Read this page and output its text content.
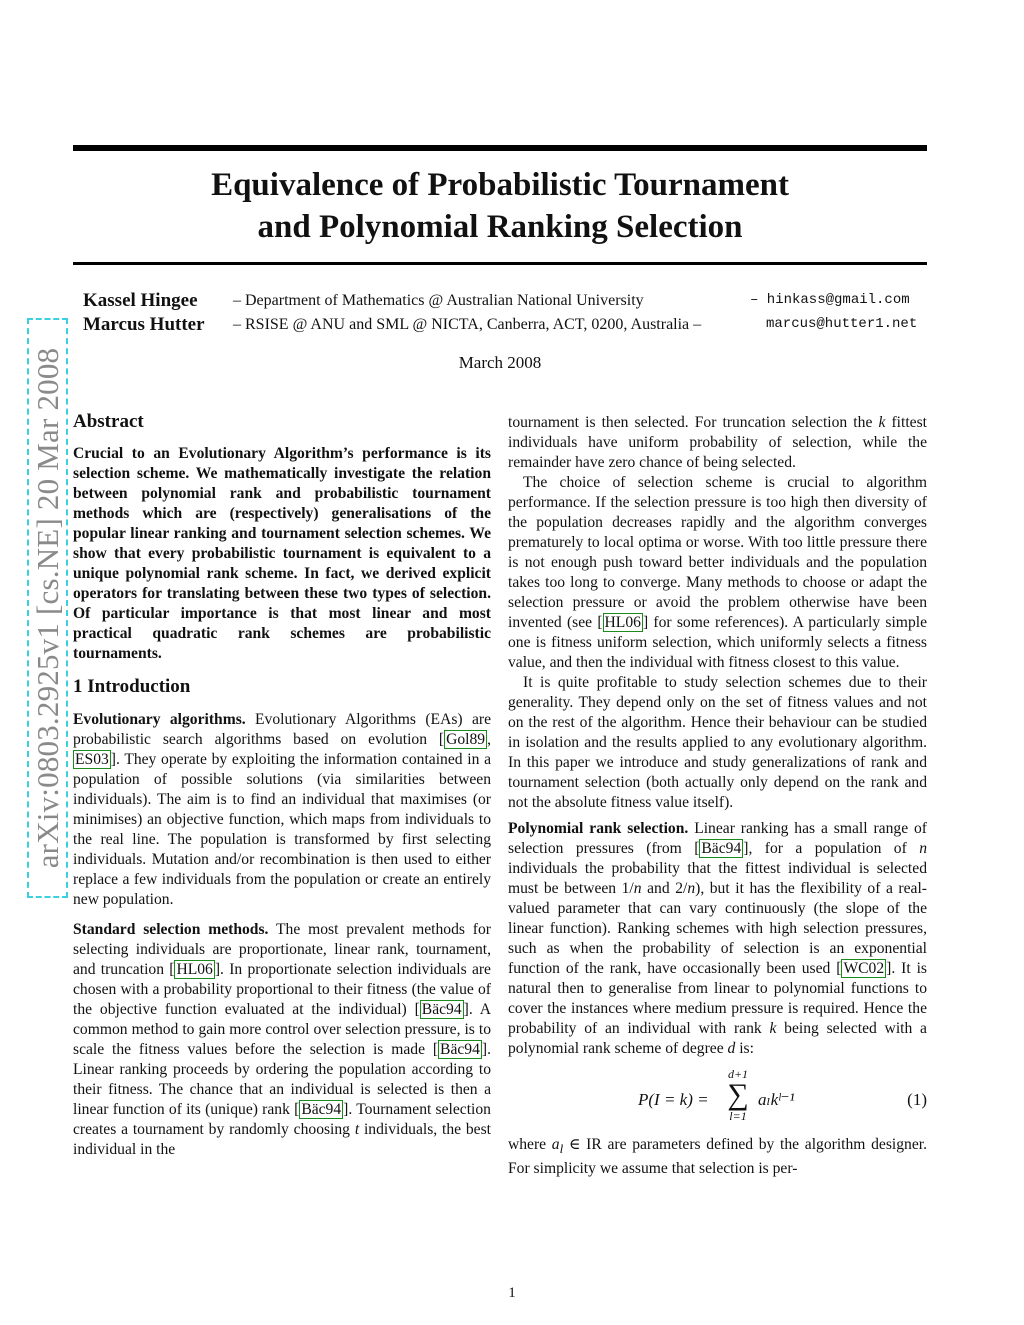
Equivalence of Probabilistic Tournament
and Polynomial Ranking Selection
Kassel Hingee – Department of Mathematics @ Australian National University	– hinkass@gmail.com
Marcus Hutter – RSISE @ ANU and SML @ NICTA, Canberra, ACT, 0200, Australia –	marcus@hutter1.net
March 2008
arXiv:0803.2925v1 [cs.NE] 20 Mar 2008 Abstract

Crucial to an Evolutionary Algorithm’s performance is its selection scheme. We mathematically investigate the relation between polynomial rank and probabilistic tournament methods which are (respectively) generalisations of the popular linear ranking and tournament selection schemes. We show that every probabilistic tournament is equivalent to a unique polynomial rank scheme. In fact, we derived explicit operators for translating between these two types of selection. Of particular importance is that most linear and most practical quadratic rank schemes are probabilistic tournaments.

1 Introduction

Evolutionary algorithms. Evolutionary Algorithms (EAs) are probabilistic search algorithms based on evolution [ Gol89 , ES03 ]. They operate by exploiting the information contained in a population of possible solutions (via similarities between individuals). The aim is to find an individual that maximises (or minimises) an objective function, which maps from individuals to the real line. The population is transformed by first selecting individuals. Mutation and/or recombination is then used to either replace a few individuals from the population or create an entirely new population.

Standard selection methods. The most prevalent methods for selecting individuals are proportionate, linear rank, tournament, and truncation [ HL06 ]. In proportionate selection individuals are chosen with a probability proportional to their fitness (the value of the objective function evaluated at the individual) [ Bäc94 ]. A common method to gain more control over selection pressure, is to scale the fitness values before the selection is made [ Bäc94 ]. Linear ranking proceeds by ordering the population according to their fitness. The chance that an individual is selected is then a linear function of its (unique) rank [ Bäc94 ]. Tournament selection creates a tournament by randomly choosing t individuals, the best individual in the

tournament is then selected. For truncation selection the k fittest individuals have uniform probability of selection, while the remainder have zero chance of being selected.

The choice of selection scheme is crucial to algorithm performance. If the selection pressure is too high then diversity of the population decreases rapidly and the algorithm converges prematurely to local optima or worse. With too little pressure there is not enough push toward better individuals and the population takes too long to converge. Many methods to choose or adapt the selection pressure or avoid the problem otherwise have been invented (see [ HL06 ] for some references). A particularly simple one is fitness uniform selection, which uniformly selects a fitness value, and then the individual with fitness closest to this value.

It is quite profitable to study selection schemes due to their generality. They depend only on the set of fitness values and not on the rest of the algorithm. Hence their behaviour can be studied in isolation and the results applied to any evolutionary algorithm. In this paper we introduce and study generalizations of rank and tournament selection (both actually only depend on the rank and not the absolute fitness value itself).

Polynomial rank selection. Linear ranking has a small range of selection pressures (from [ Bäc94 ], for a population of n individuals the probability that the fittest individual is selected must be between 1/n and 2/n), but it has the flexibility of a real-valued parameter that can vary continuously (the slope of the linear function). Ranking schemes with high selection pressures, such as when the probability of selection is an exponential function of the rank, have occasionally been used [ WC02 ]. It is natural then to generalise from linear to polynomial functions to cover the instances where medium pressure is required. Hence the probability of an individual with rank k being selected with a polynomial rank scheme of degree d is:

P(I = k) =
d+1
∑
l=1
aₗkˡ⁻¹	(1)

where $a_l$ ∈ IR are parameters defined by the algorithm designer. For simplicity we assume that selection is per-

1
